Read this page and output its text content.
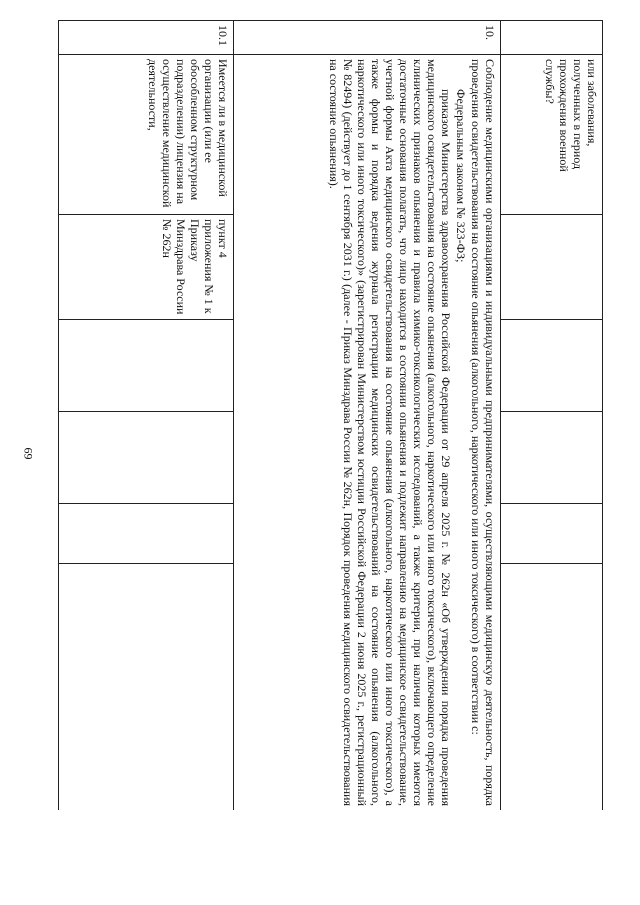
69
	или заболевания, полученных в период прохождения военной службы?					
10.	Соблюдение медицинскими организациями и индивидуальными предпринимателями, осуществляющими медицинскую деятельность, порядка проведения освидетельствования на состояние опьянения (алкогольного, наркотического или иного токсического) в соответствии с:

Федеральным законом № 323-ФЗ;

приказом Министерства здравоохранения Российской Федерации от 29 апреля 2025 г. № 262н «Об утверждении порядка проведения медицинского освидетельствования на состояние опьянения (алкогольного, наркотического или иного токсического), включающего определение клинических признаков опьянения и правила химико-токсикологических исследований, а также критерии, при наличии которых имеются достаточные основания полагать, что лицо находится в состоянии опьянения и подлежит направлению на медицинское освидетельствование, учетной формы Акта медицинского освидетельствования на состояние опьянения (алкогольного, наркотического или иного токсического), а также формы и порядка ведения журнала регистрации медицинских освидетельствований на состояние опьянения (алкогольного, наркотического или иного токсического)» (зарегистрирован Министерством юстиции Российской Федерации 2 июня 2025 г., регистрационный № 82494) (действует до 1 сентября 2031 г.) (далее - Приказ Минздрава России № 262н, Порядок проведения медицинского освидетельствования на состояние опьянения).					

10.1	Имеется ли в медицинской организации (или ее обособленном структурном подразделении) лицензия на осуществление медицинской деятельности,	пункт 4 приложения № 1 к Приказу Минздрава России № 262н				
